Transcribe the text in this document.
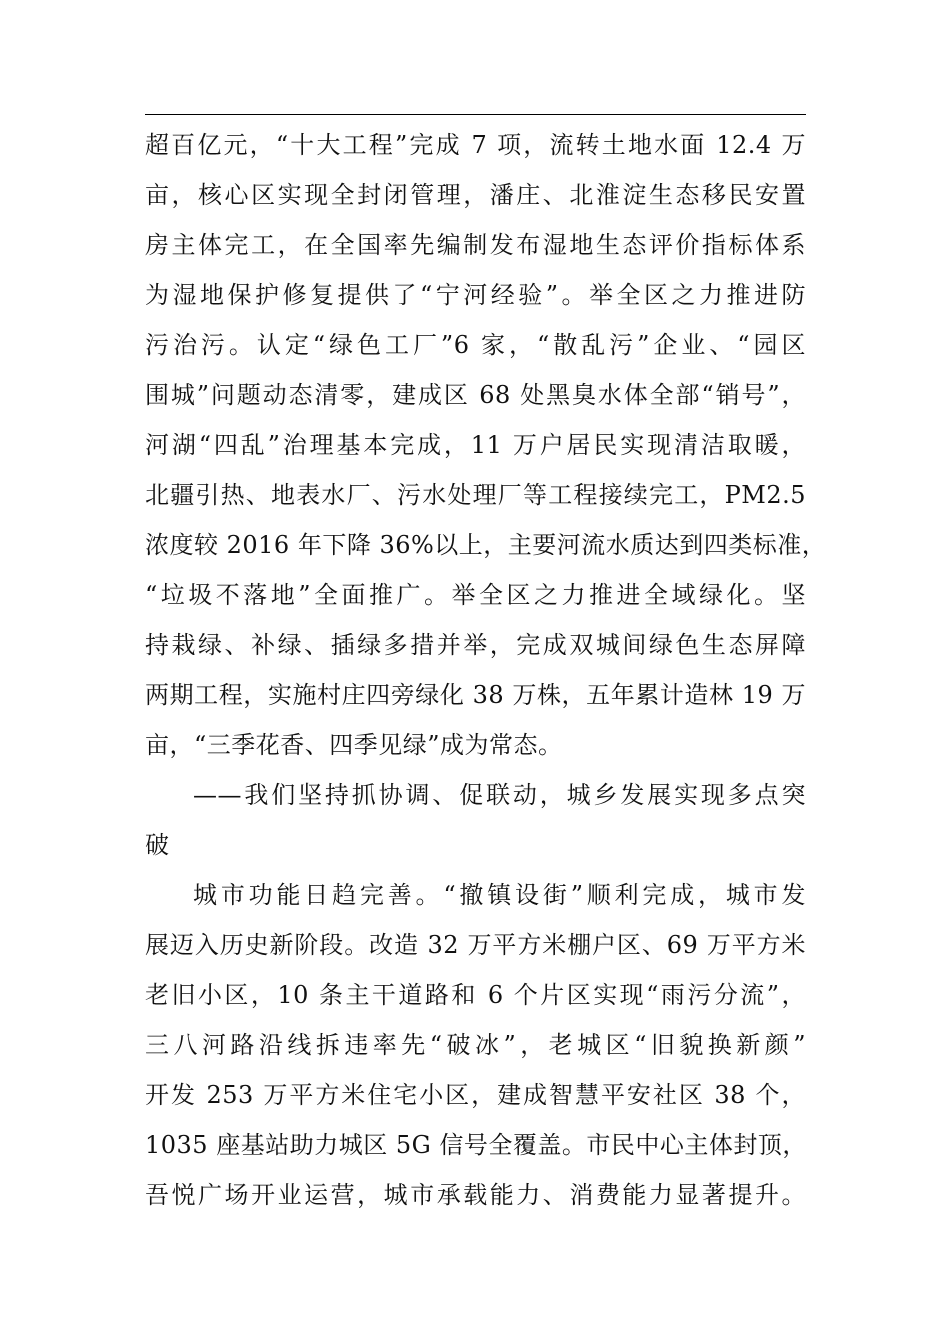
超百亿元，“十大工程”完成 7 项，流转土地水面 12.4 万
亩，核心区实现全封闭管理，潘庄、北淮淀生态移民安置
房主体完工，在全国率先编制发布湿地生态评价指标体系
为湿地保护修复提供了“宁河经验”。举全区之力推进防
污治污。认定“绿色工厂”6 家，“散乱污”企业、“园区
围城”问题动态清零，建成区 68 处黑臭水体全部“销号”，
河湖“四乱”治理基本完成，11 万户居民实现清洁取暖，
北疆引热、地表水厂、污水处理厂等工程接续完工，PM2.5
浓度较 2016 年下降 36%以上，主要河流水质达到四类标准，
“垃圾不落地”全面推广。举全区之力推进全域绿化。坚
持栽绿、补绿、插绿多措并举，完成双城间绿色生态屏障
两期工程，实施村庄四旁绿化 38 万株，五年累计造林 19 万
亩，“三季花香、四季见绿”成为常态。
——我们坚持抓协调、促联动，城乡发展实现多点突
破
城市功能日趋完善。“撤镇设街”顺利完成，城市发
展迈入历史新阶段。改造 32 万平方米棚户区、69 万平方米
老旧小区，10 条主干道路和 6 个片区实现“雨污分流”，
三八河路沿线拆违率先“破冰”，老城区“旧貌换新颜”
开发 253 万平方米住宅小区，建成智慧平安社区 38 个，
1035 座基站助力城区 5G 信号全覆盖。市民中心主体封顶，
吾悦广场开业运营，城市承载能力、消费能力显著提升。
